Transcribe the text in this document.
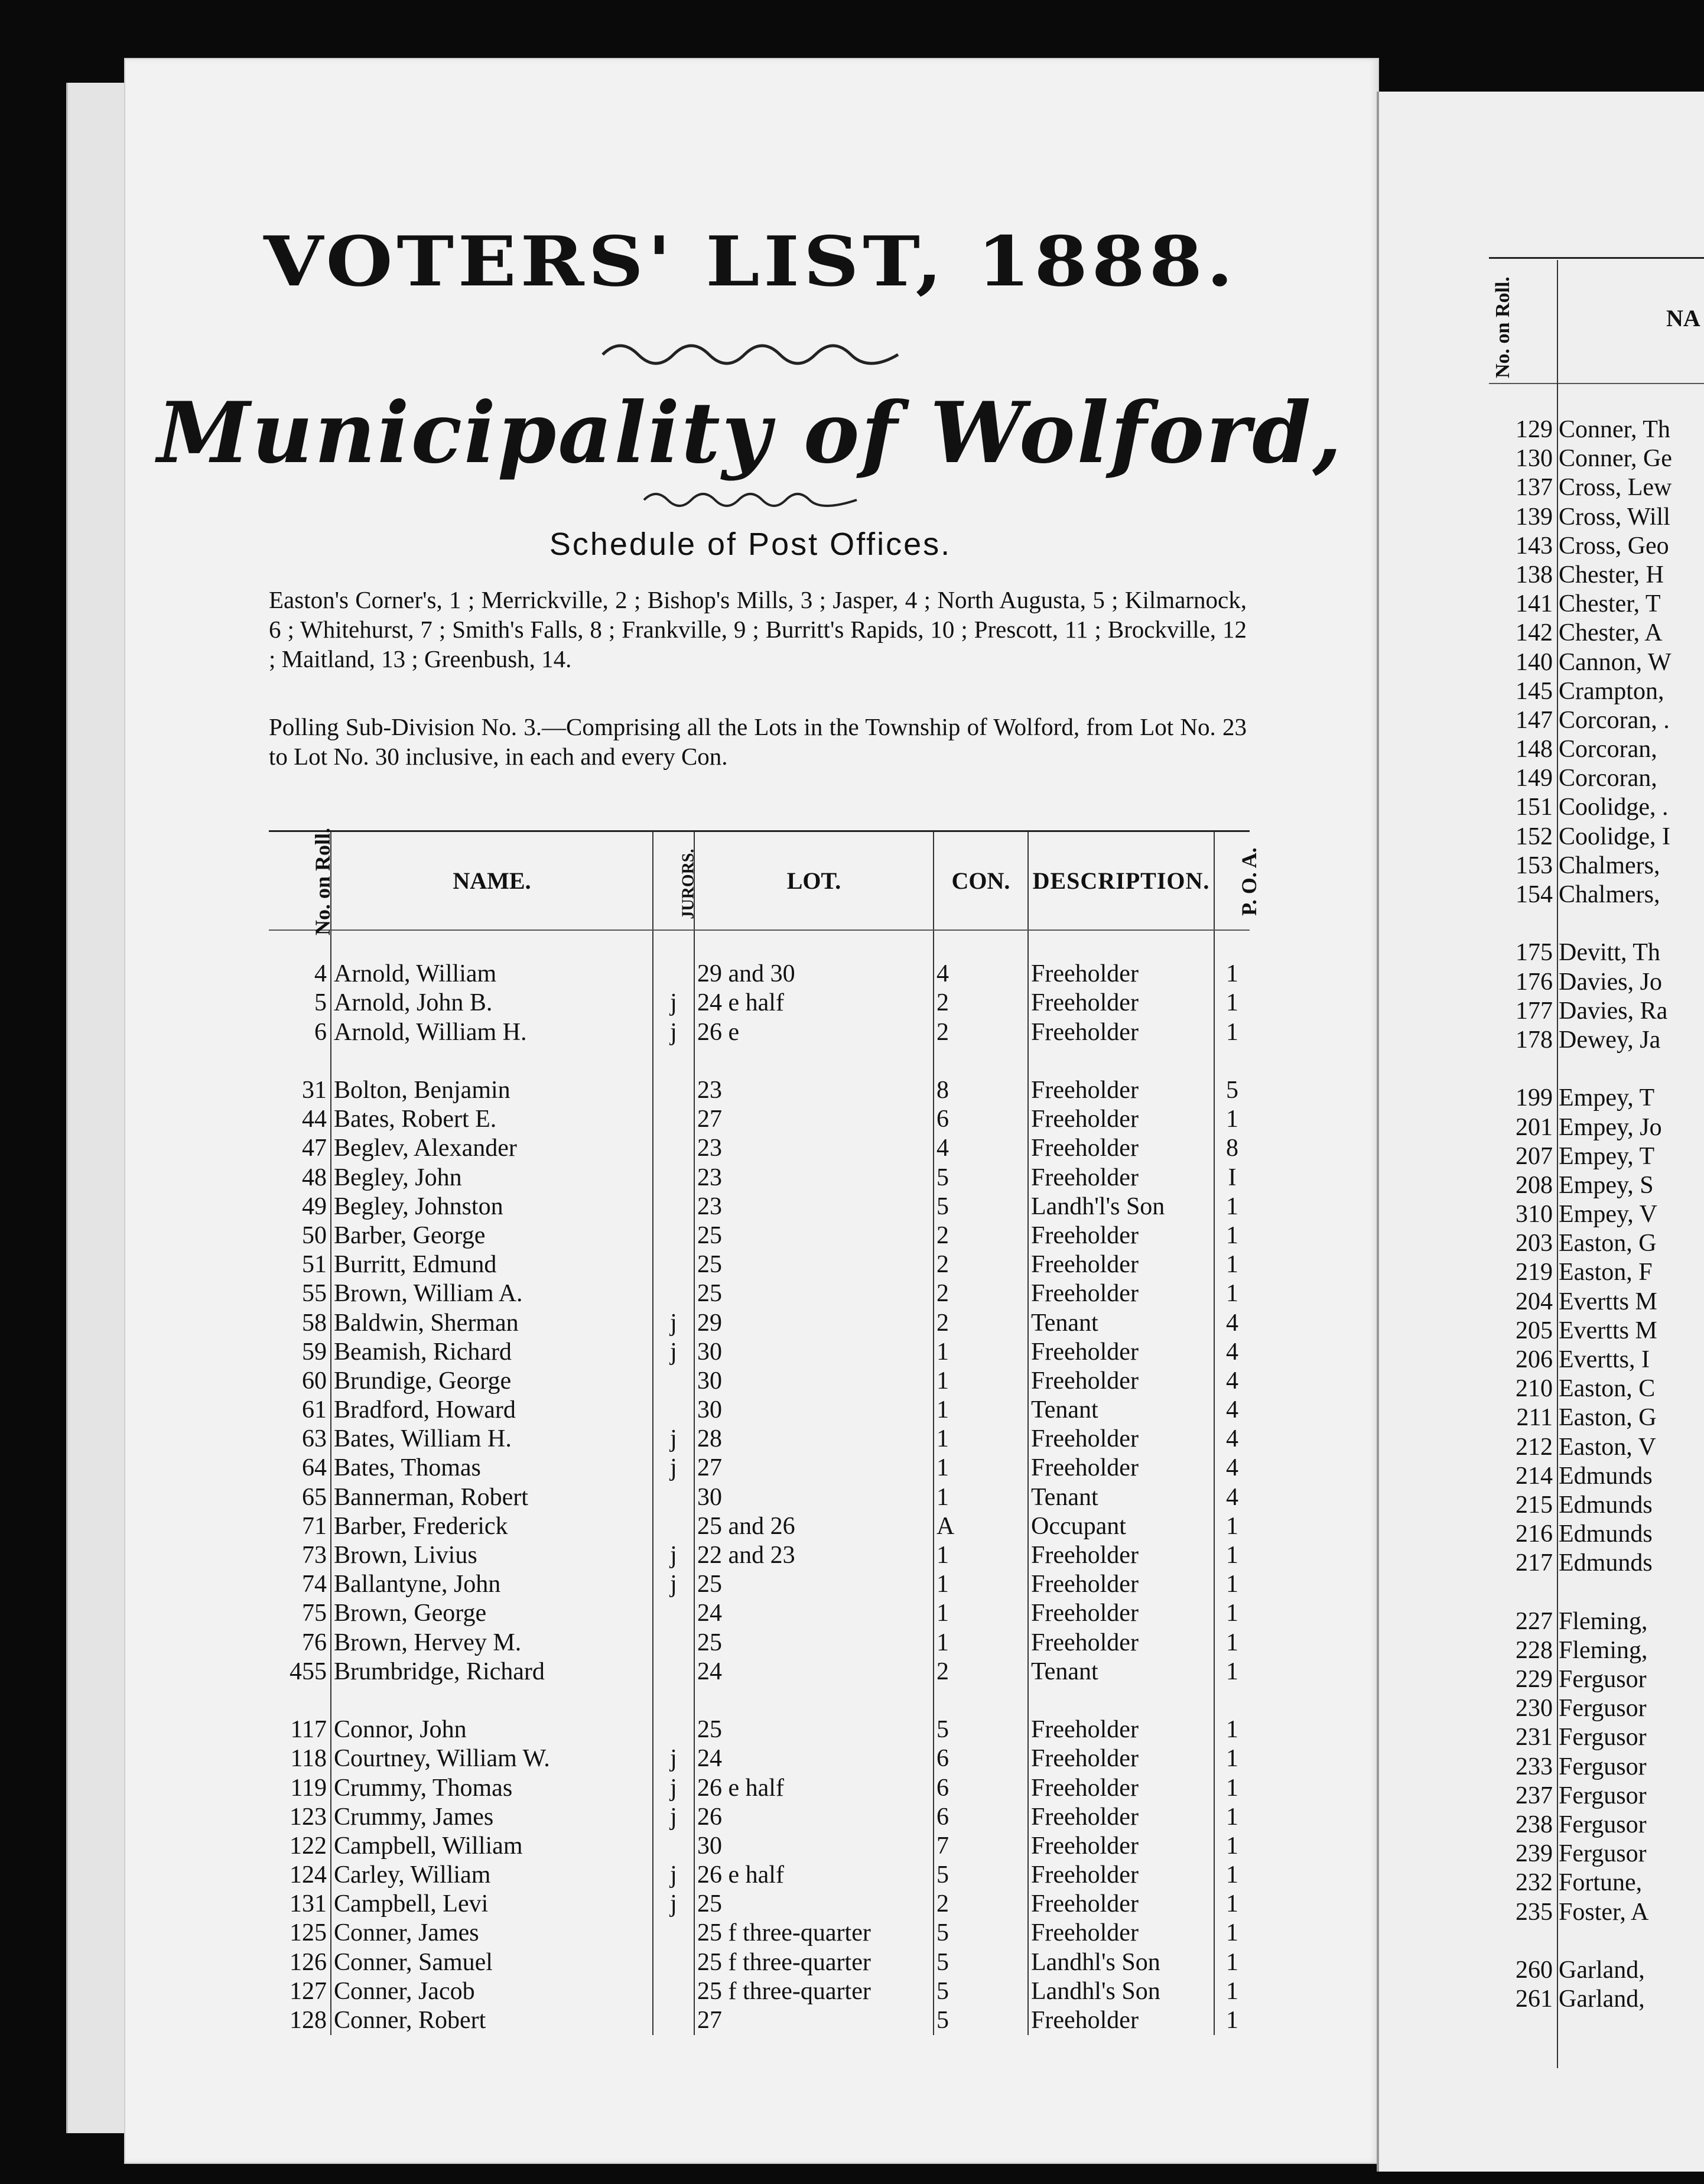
VOTERS' LIST, 1888.
Municipality of Wolford,
Schedule of Post Offices.
Easton's Corner's, 1 ; Merrickville, 2 ; Bishop's Mills, 3 ; Jasper, 4 ; North Augusta, 5 ; Kilmarnock, 6 ; Whitehurst, 7 ; Smith's Falls, 8 ; Frankville, 9 ; Burritt's Rapids, 10 ; Prescott, 11 ; Brockville, 12 ; Maitland, 13 ; Greenbush, 14.
Polling Sub-Division No. 3.—Comprising all the Lots in the Township of Wolford, from Lot No. 23 to Lot No. 30 inclusive, in each and every Con.
No. on Roll.	NAME.	JURORS.	LOT.	CON.	DESCRIPTION.	P. O. A.

4	Arnold, William		29 and 30	4	Freeholder	1
5	Arnold, John B.	j	24 e half	2	Freeholder	1
6	Arnold, William H.	j	26 e	2	Freeholder	1

31	Bolton, Benjamin		23	8	Freeholder	5
44	Bates, Robert E.		27	6	Freeholder	1
47	Beglev, Alexander		23	4	Freeholder	8
48	Begley, John		23	5	Freeholder	I
49	Begley, Johnston		23	5	Landh'l's Son	1
50	Barber, George		25	2	Freeholder	1
51	Burritt, Edmund		25	2	Freeholder	1
55	Brown, William A.		25	2	Freeholder	1
58	Baldwin, Sherman	j	29	2	Tenant	4
59	Beamish, Richard	j	30	1	Freeholder	4
60	Brundige, George		30	1	Freeholder	4
61	Bradford, Howard		30	1	Tenant	4
63	Bates, William H.	j	28	1	Freeholder	4
64	Bates, Thomas	j	27	1	Freeholder	4
65	Bannerman, Robert		30	1	Tenant	4
71	Barber, Frederick		25 and 26	A	Occupant	1
73	Brown, Livius	j	22 and 23	1	Freeholder	1
74	Ballantyne, John	j	25	1	Freeholder	1
75	Brown, George		24	1	Freeholder	1
76	Brown, Hervey M.		25	1	Freeholder	1
455	Brumbridge, Richard		24	2	Tenant	1

117	Connor, John		25	5	Freeholder	1
118	Courtney, William W.	j	24	6	Freeholder	1
119	Crummy, Thomas	j	26 e half	6	Freeholder	1
123	Crummy, James	j	26	6	Freeholder	1
122	Campbell, William		30	7	Freeholder	1
124	Carley, William	j	26 e half	5	Freeholder	1
131	Campbell, Levi	j	25	2	Freeholder	1
125	Conner, James		25 f three-quarter	5	Freeholder	1
126	Conner, Samuel		25 f three-quarter	5	Landhl's Son	1
127	Conner, Jacob		25 f three-quarter	5	Landhl's Son	1
128	Conner, Robert		27	5	Freeholder	1
No. on Roll.	NA
129 Conner, Th
130 Conner, Ge
137 Cross, Lew
139 Cross, Will
143 Cross, Geo
138 Chester, H
141 Chester, T
142 Chester, A
140 Cannon, W
145 Crampton,
147 Corcoran, .
148 Corcoran,
149 Corcoran,
151 Coolidge, .
152 Coolidge, I
153 Chalmers,
154 Chalmers,
175 Devitt, Th
176 Davies, Jo
177 Davies, Ra
178 Dewey, Ja
199 Empey, T
201 Empey, Jo
207 Empey, T
208 Empey, S
310 Empey, V
203 Easton, G
219 Easton, F
204 Evertts M
205 Evertts M
206 Evertts, I
210 Easton, C
211 Easton, G
212 Easton, V
214 Edmunds
215 Edmunds
216 Edmunds
217 Edmunds
227 Fleming,
228 Fleming,
229 Fergusor
230 Fergusor
231 Fergusor
233 Fergusor
237 Fergusor
238 Fergusor
239 Fergusor
232 Fortune,
235 Foster, A
260 Garland,
261 Garland,
